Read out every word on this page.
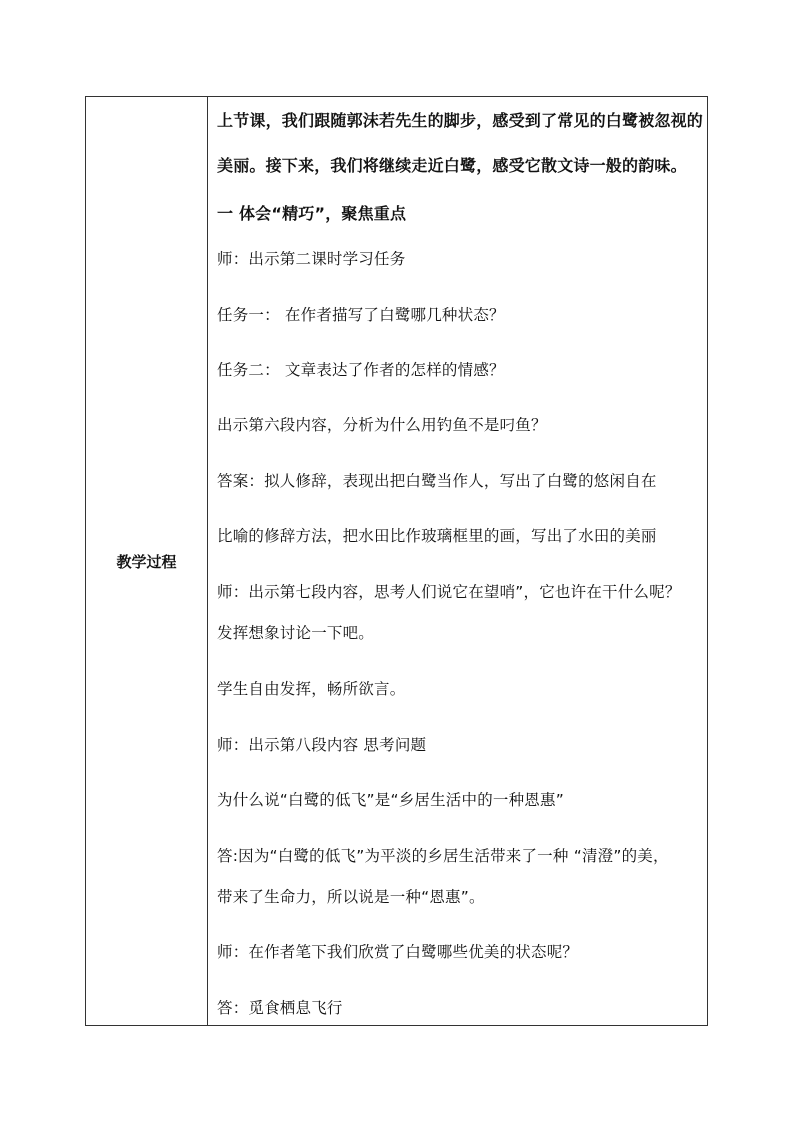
教学过程
上节课，我们跟随郭沫若先生的脚步，感受到了常见的白鹭被忽视的
美丽。接下来，我们将继续走近白鹭，感受它散文诗一般的韵味。
一 体会“精巧”，聚焦重点
师：出示第二课时学习任务
任务一： 在作者描写了白鹭哪几种状态？
任务二： 文章表达了作者的怎样的情感？
出示第六段内容，分析为什么用钓鱼不是叼鱼？
答案：拟人修辞，表现出把白鹭当作人，写出了白鹭的悠闲自在
比喻的修辞方法，把水田比作玻璃框里的画，写出了水田的美丽
师：出示第七段内容，思考人们说它在望哨”，它也许在干什么呢？
发挥想象讨论一下吧。
学生自由发挥，畅所欲言。
师：出示第八段内容 思考问题
为什么说“白鹭的低飞”是“乡居生活中的一种恩惠”
答:因为“白鹭的低飞”为平淡的乡居生活带来了一种 “清澄”的美，
带来了生命力，所以说是一种“恩惠”。
师：在作者笔下我们欣赏了白鹭哪些优美的状态呢？
答：觅食栖息飞行
